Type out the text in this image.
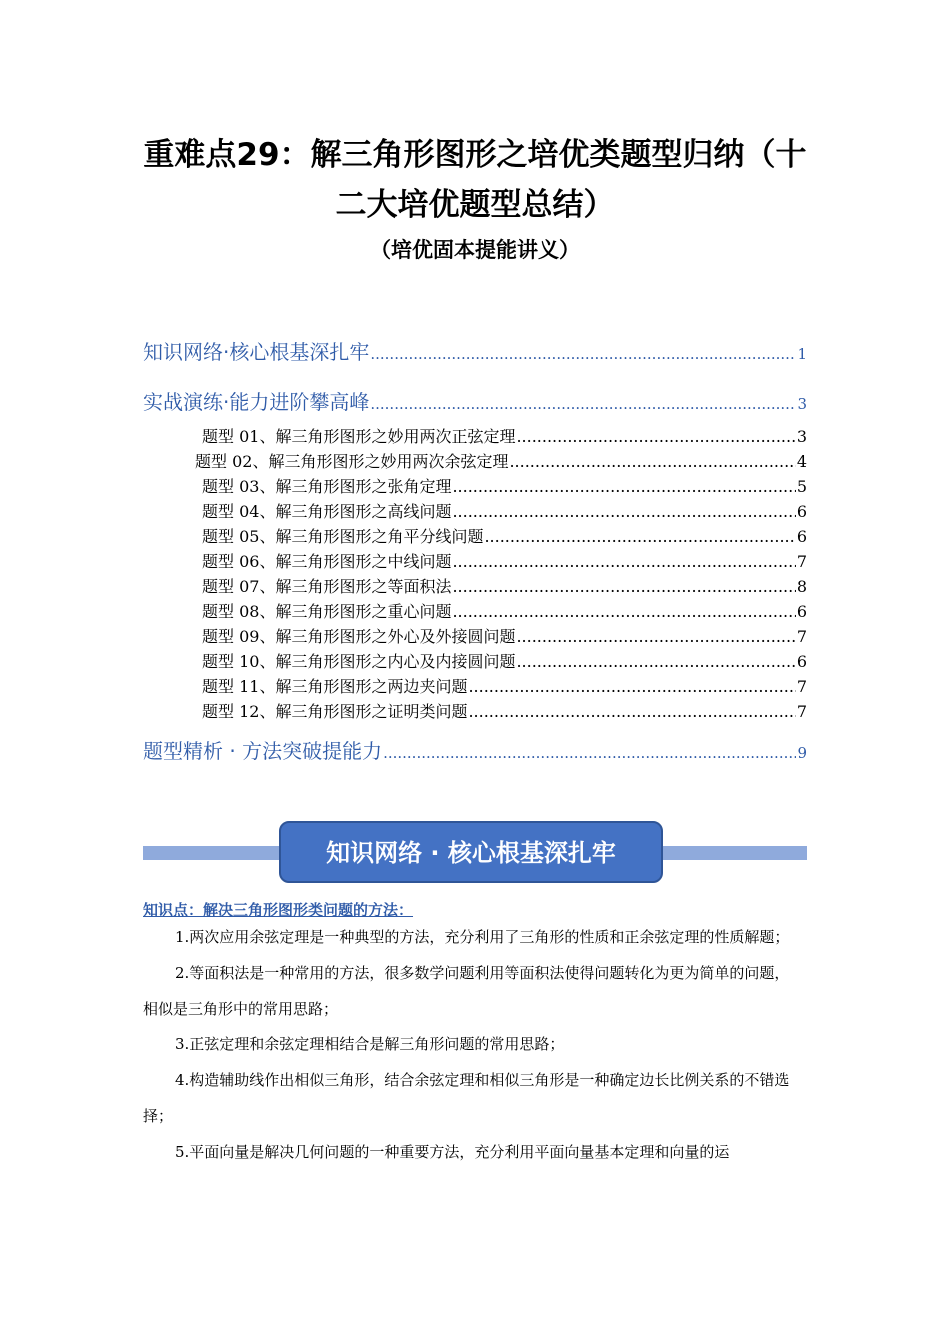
重难点29：解三角形图形之培优类题型归纳（十二大培优题型总结）
（培优固本提能讲义）
知识网络·核心根基深扎牢 .....	1
实战演练·能力进阶攀高峰 .....	3
题型 01、解三角形图形之妙用两次正弦定理 .....	3
题型 02、解三角形图形之妙用两次余弦定理 .....	4
题型 03、解三角形图形之张角定理 .....	5
题型 04、解三角形图形之高线问题 .....	6
题型 05、解三角形图形之角平分线问题 .....	6
题型 06、解三角形图形之中线问题 .....	7
题型 07、解三角形图形之等面积法 .....	8
题型 08、解三角形图形之重心问题 .....	6
题型 09、解三角形图形之外心及外接圆问题 .....	7
题型 10、解三角形图形之内心及内接圆问题 .....	6
题型 11、解三角形图形之两边夹问题 .....	7
题型 12、解三角形图形之证明类问题 .....	7
题型精析 · 方法突破提能力 .....	9
知识网络 · 核心根基深扎牢
知识点：解决三角形图形类问题的方法：

1.两次应用余弦定理是一种典型的方法，充分利用了三角形的性质和正余弦定理的性质解题；

2.等面积法是一种常用的方法，很多数学问题利用等面积法使得问题转化为更为简单的问题，相似是三角形中的常用思路；

3.正弦定理和余弦定理相结合是解三角形问题的常用思路；

4.构造辅助线作出相似三角形，结合余弦定理和相似三角形是一种确定边长比例关系的不错选择；

5.平面向量是解决几何问题的一种重要方法，充分利用平面向量基本定理和向量的运
